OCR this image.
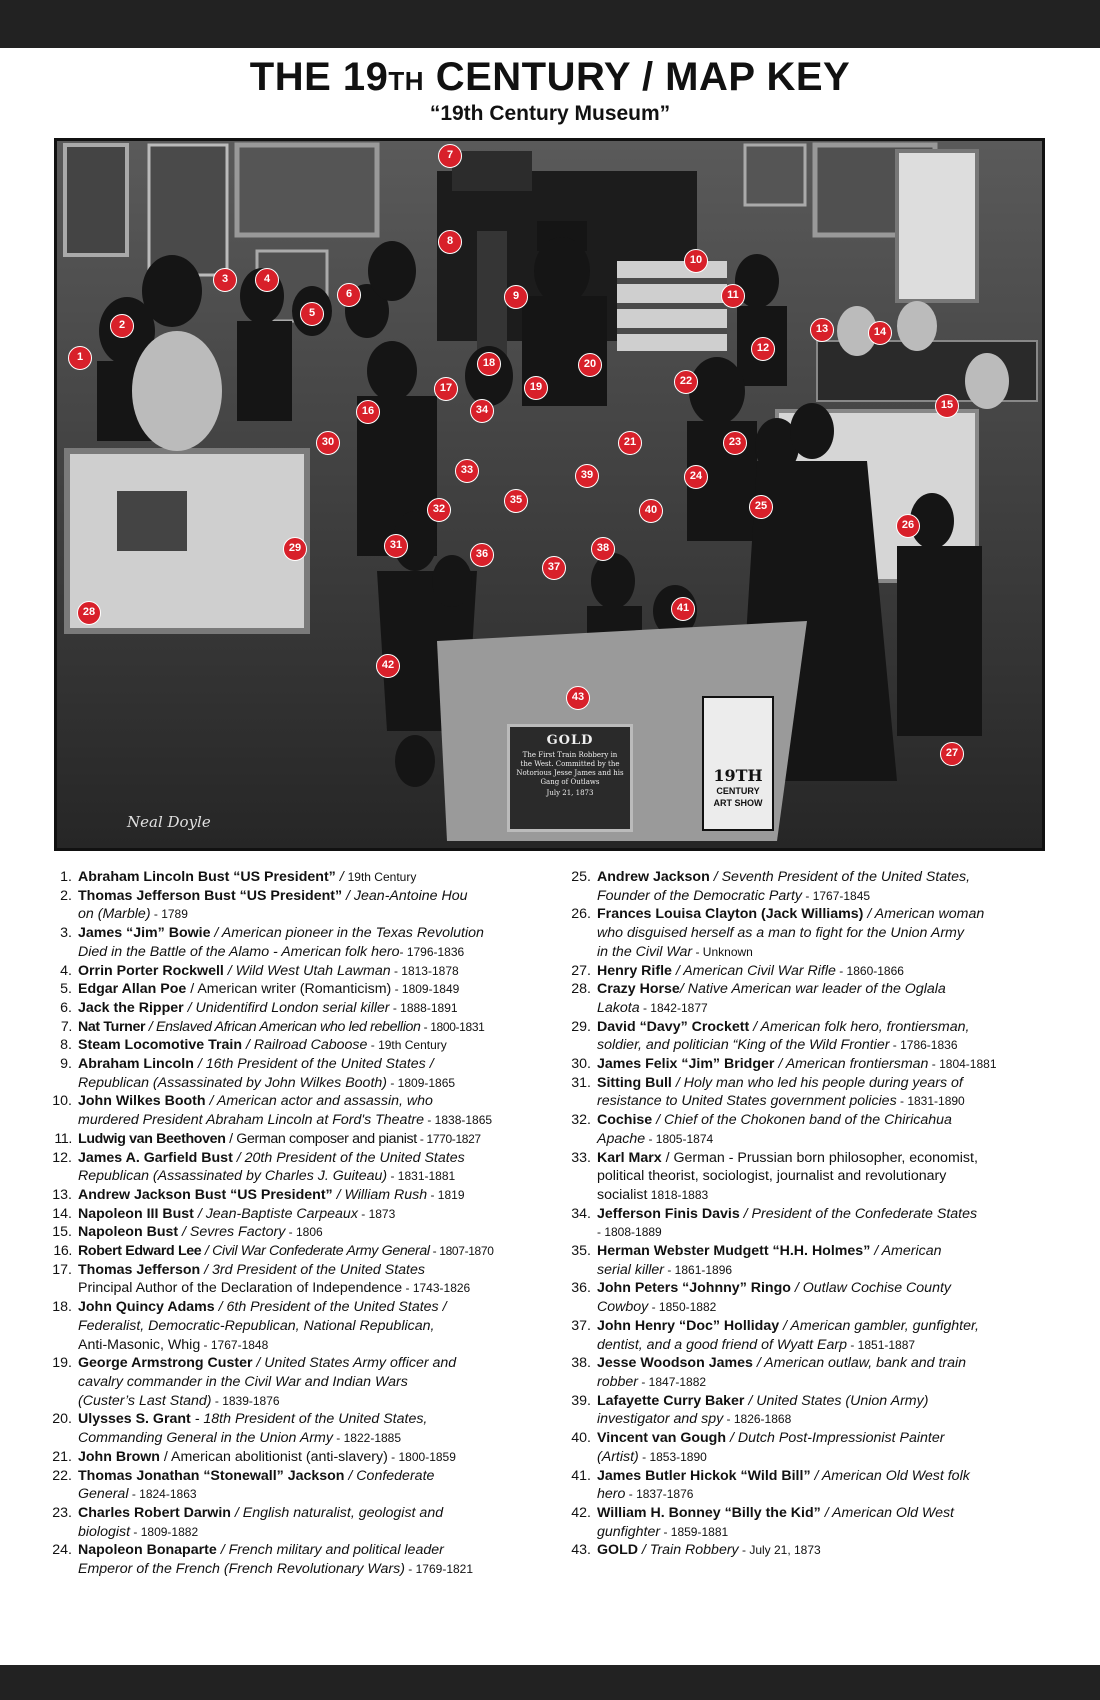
THE 19TH CENTURY / MAP KEY
“19th Century Museum”
Neal Doyle
GOLD
The First Train Robbery in the West. Committed by the Notorious Jesse James and his Gang of Outlaws
July 21, 1873
19TH
CENTURY
ART SHOW
1
2
3	4
5
6
7
8
9
10
11
12
13	14
15
16
17
18
19
20
21
22
23
24
25
26
27
28
29
30
31
32
33
34
35
36
37
38
39
40
41
42
43
1. Abraham Lincoln Bust “US President” / 19th Century
2. Thomas Jefferson Bust “US President” / Jean-Antoine Hou
on (Marble) - 1789
3. James “Jim” Bowie / American pioneer in the Texas Revolution
Died in the Battle of the Alamo - American folk hero- 1796-1836
4. Orrin Porter Rockwell / Wild West Utah Lawman - 1813-1878
5. Edgar Allan Poe / American writer (Romanticism) - 1809-1849
6. Jack the Ripper / Unidentifird London serial killer - 1888-1891
7. Nat Turner / Enslaved African American who led rebellion - 1800-1831
8. Steam Locomotive Train / Railroad Caboose - 19th Century
9. Abraham Lincoln / 16th President of the United States /
Republican (Assassinated by John Wilkes Booth) - 1809-1865
10. John Wilkes Booth / American actor and assassin, who
murdered President Abraham Lincoln at Ford's Theatre - 1838-1865
11. Ludwig van Beethoven / German composer and pianist - 1770-1827
12. James A. Garfield Bust / 20th President of the United States
Republican (Assassinated by Charles J. Guiteau) - 1831-1881
13. Andrew Jackson Bust “US President” / William Rush - 1819
14. Napoleon III Bust / Jean-Baptiste Carpeaux - 1873
15. Napoleon Bust / Sevres Factory - 1806
16. Robert Edward Lee / Civil War Confederate Army General - 1807-1870
17. Thomas Jefferson / 3rd President of the United States
Principal Author of the Declaration of Independence - 1743-1826
18. John Quincy Adams / 6th President of the United States /
Federalist, Democratic-Republican, National Republican,
Anti-Masonic, Whig - 1767-1848
19. George Armstrong Custer / United States Army officer and
cavalry commander in the Civil War and Indian Wars
(Custer’s Last Stand) - 1839-1876
20. Ulysses S. Grant - 18th President of the United States,
Commanding General in the Union Army - 1822-1885
21. John Brown / American abolitionist (anti-slavery) - 1800-1859
22. Thomas Jonathan “Stonewall” Jackson / Confederate
General - 1824-1863
23. Charles Robert Darwin / English naturalist, geologist and
biologist - 1809-1882
24. Napoleon Bonaparte / French military and political leader
Emperor of the French (French Revolutionary Wars) - 1769-1821
25. Andrew Jackson / Seventh President of the United States,
Founder of the Democratic Party - 1767-1845
26. Frances Louisa Clayton (Jack Williams) / American woman
who disguised herself as a man to fight for the Union Army
in the Civil War - Unknown
27. Henry Rifle / American Civil War Rifle - 1860-1866
28. Crazy Horse/ Native American war leader of the Oglala
Lakota - 1842-1877
29. David “Davy” Crockett / American folk hero, frontiersman,
soldier, and politician “King of the Wild Frontier - 1786-1836
30. James Felix “Jim” Bridger / American frontiersman - 1804-1881
31. Sitting Bull / Holy man who led his people during years of
resistance to United States government policies - 1831-1890
32. Cochise / Chief of the Chokonen band of the Chiricahua
Apache - 1805-1874
33. Karl Marx / German - Prussian born philosopher, economist,
political theorist, sociologist, journalist and revolutionary
socialist 1818-1883
34. Jefferson Finis Davis / President of the Confederate States
- 1808-1889
35. Herman Webster Mudgett “H.H. Holmes” / American
serial killer - 1861-1896
36. John Peters “Johnny” Ringo / Outlaw Cochise County
Cowboy - 1850-1882
37. John Henry “Doc” Holliday / American gambler, gunfighter,
dentist, and a good friend of Wyatt Earp - 1851-1887
38. Jesse Woodson James / American outlaw, bank and train
robber - 1847-1882
39. Lafayette Curry Baker / United States (Union Army)
investigator and spy - 1826-1868
40. Vincent van Gough / Dutch Post-Impressionist Painter
(Artist) - 1853-1890
41. James Butler Hickok “Wild Bill” / American Old West folk
hero - 1837-1876
42. William H. Bonney “Billy the Kid” / American Old West
gunfighter - 1859-1881
43. GOLD / Train Robbery - July 21, 1873
